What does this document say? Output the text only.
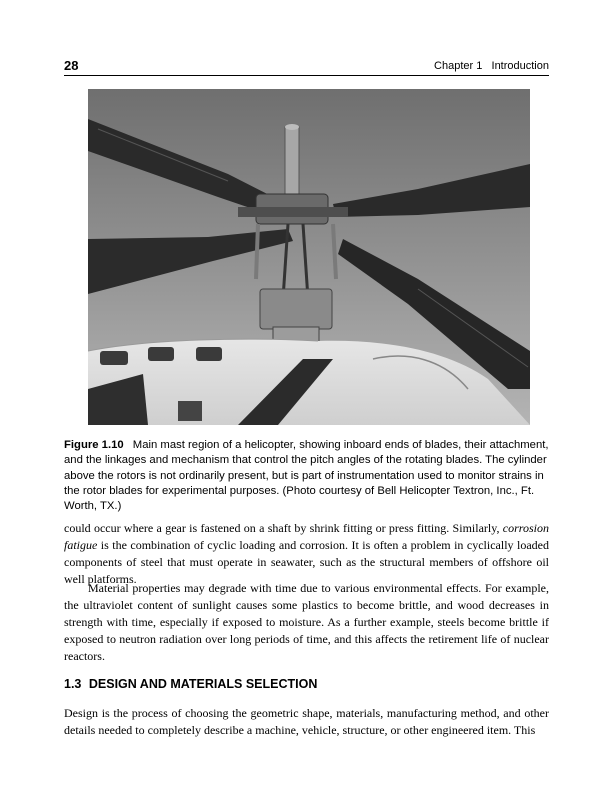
28	Chapter 1   Introduction
Figure 1.10 Main mast region of a helicopter, showing inboard ends of blades, their attachment, and the linkages and mechanism that control the pitch angles of the rotating blades. The cylinder above the rotors is not ordinarily present, but is part of instrumentation used to monitor strains in the rotor blades for experimental purposes. (Photo courtesy of Bell Helicopter Textron, Inc., Ft. Worth, TX.)

could occur where a gear is fastened on a shaft by shrink fitting or press fitting. Similarly, corrosion fatigue is the combination of cyclic loading and corrosion. It is often a problem in cyclically loaded components of steel that must operate in seawater, such as the structural members of offshore oil well platforms.

Material properties may degrade with time due to various environmental effects. For example, the ultraviolet content of sunlight causes some plastics to become brittle, and wood decreases in strength with time, especially if exposed to moisture. As a further example, steels become brittle if exposed to neutron radiation over long periods of time, and this affects the retirement life of nuclear reactors.

1.3 DESIGN AND MATERIALS SELECTION

Design is the process of choosing the geometric shape, materials, manufacturing method, and other details needed to completely describe a machine, vehicle, structure, or other engineered item. This
